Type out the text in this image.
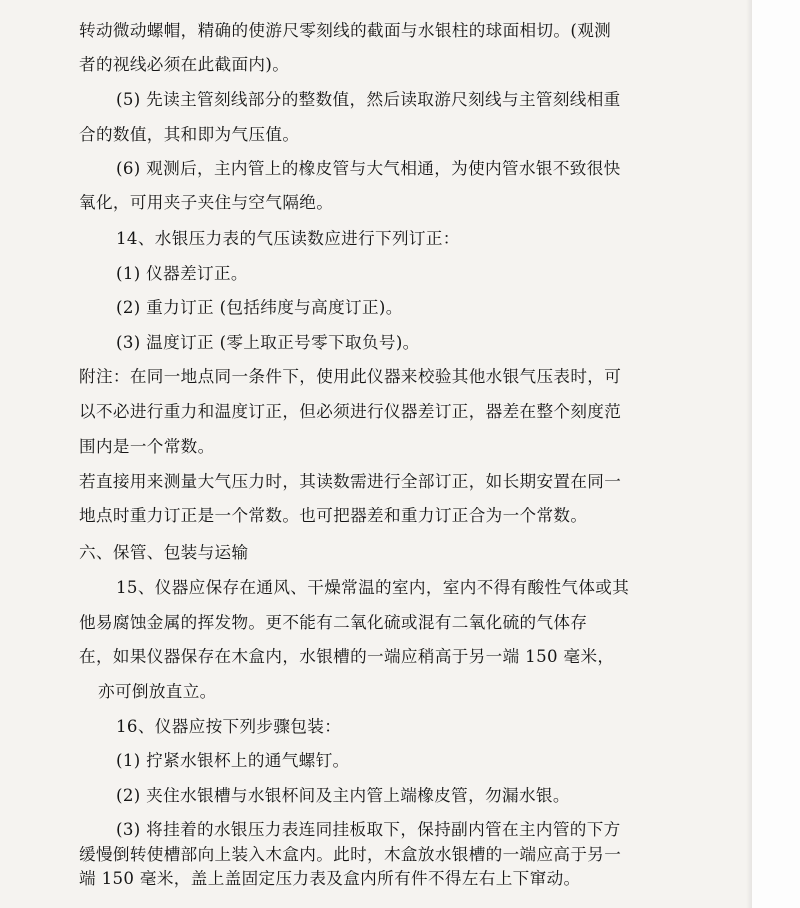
转动微动螺帽，精确的使游尺零刻线的截面与水银柱的球面相切。(观测
者的视线必须在此截面内)。
(5) 先读主管刻线部分的整数值，然后读取游尺刻线与主管刻线相重
合的数值，其和即为气压值。
(6) 观测后，主内管上的橡皮管与大气相通，为使内管水银不致很快
氧化，可用夹子夹住与空气隔绝。
14、水银压力表的气压读数应进行下列订正：
(1) 仪器差订正。
(2) 重力订正 (包括纬度与高度订正)。
(3) 温度订正 (零上取正号零下取负号)。
附注：在同一地点同一条件下，使用此仪器来校验其他水银气压表时，可
以不必进行重力和温度订正，但必须进行仪器差订正，器差在整个刻度范
围内是一个常数。
若直接用来测量大气压力时，其读数需进行全部订正，如长期安置在同一
地点时重力订正是一个常数。也可把器差和重力订正合为一个常数。
六、保管、包装与运输
15、仪器应保存在通风、干燥常温的室内，室内不得有酸性气体或其
他易腐蚀金属的挥发物。更不能有二氧化硫或混有二氧化硫的气体存
在，如果仪器保存在木盒内，水银槽的一端应稍高于另一端 150 毫米，
亦可倒放直立。
16、仪器应按下列步骤包装：
(1) 拧紧水银杯上的通气螺钉。
(2) 夹住水银槽与水银杯间及主内管上端橡皮管，勿漏水银。
(3) 将挂着的水银压力表连同挂板取下，保持副内管在主内管的下方
缓慢倒转使槽部向上装入木盒内。此时，木盒放水银槽的一端应高于另一
端 150 毫米，盖上盖固定压力表及盒内所有件不得左右上下窜动。
